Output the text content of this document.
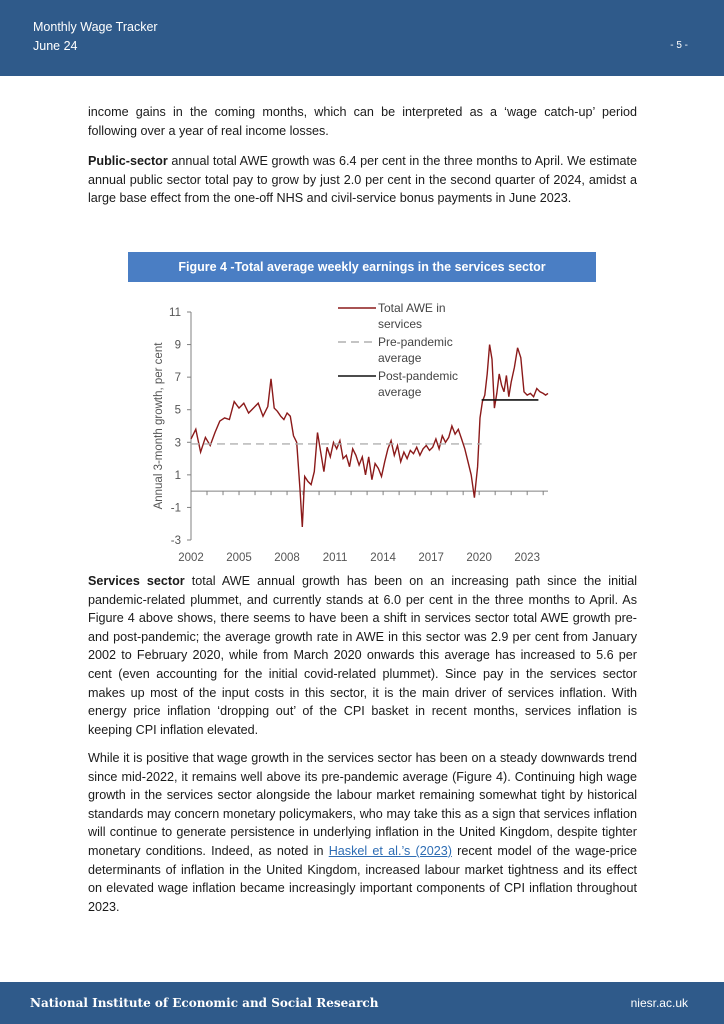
Monthly Wage Tracker
June 24	- 5 -
income gains in the coming months, which can be interpreted as a ‘wage catch-up’ period following over a year of real income losses.
Public-sector annual total AWE growth was 6.4 per cent in the three months to April. We estimate annual public sector total pay to grow by just 2.0 per cent in the second quarter of 2024, amidst a large base effect from the one-off NHS and civil-service bonus payments in June 2023.
Figure 4 -Total average weekly earnings in the services sector
-3
-1
1
3
5
7
9
11
2002 2005 2008 2011 2014 2017 2020 2023
Annual 3-month growth, per cent
Total AWE in services
Pre-pandemic average
Post-pandemic average
Services sector total AWE annual growth has been on an increasing path since the initial pandemic-related plummet, and currently stands at 6.0 per cent in the three months to April. As Figure 4 above shows, there seems to have been a shift in services sector total AWE growth pre- and post-pandemic; the average growth rate in AWE in this sector was 2.9 per cent from January 2002 to February 2020, while from March 2020 onwards this average has increased to 5.6 per cent (even accounting for the initial covid-related plummet). Since pay in the services sector makes up most of the input costs in this sector, it is the main driver of services inflation. With energy price inflation ‘dropping out’ of the CPI basket in recent months, services inflation is keeping CPI inflation elevated.
While it is positive that wage growth in the services sector has been on a steady downwards trend since mid-2022, it remains well above its pre-pandemic average (Figure 4). Continuing high wage growth in the services sector alongside the labour market remaining somewhat tight by historical standards may concern monetary policymakers, who may take this as a sign that services inflation will continue to generate persistence in underlying inflation in the United Kingdom, despite tighter monetary conditions. Indeed, as noted in Haskel et al.’s (2023) recent model of the wage-price determinants of inflation in the United Kingdom, increased labour market tightness and its effect on elevated wage inflation became increasingly important components of CPI inflation throughout 2023.
National Institute of Economic and Social Research	niesr.ac.uk
